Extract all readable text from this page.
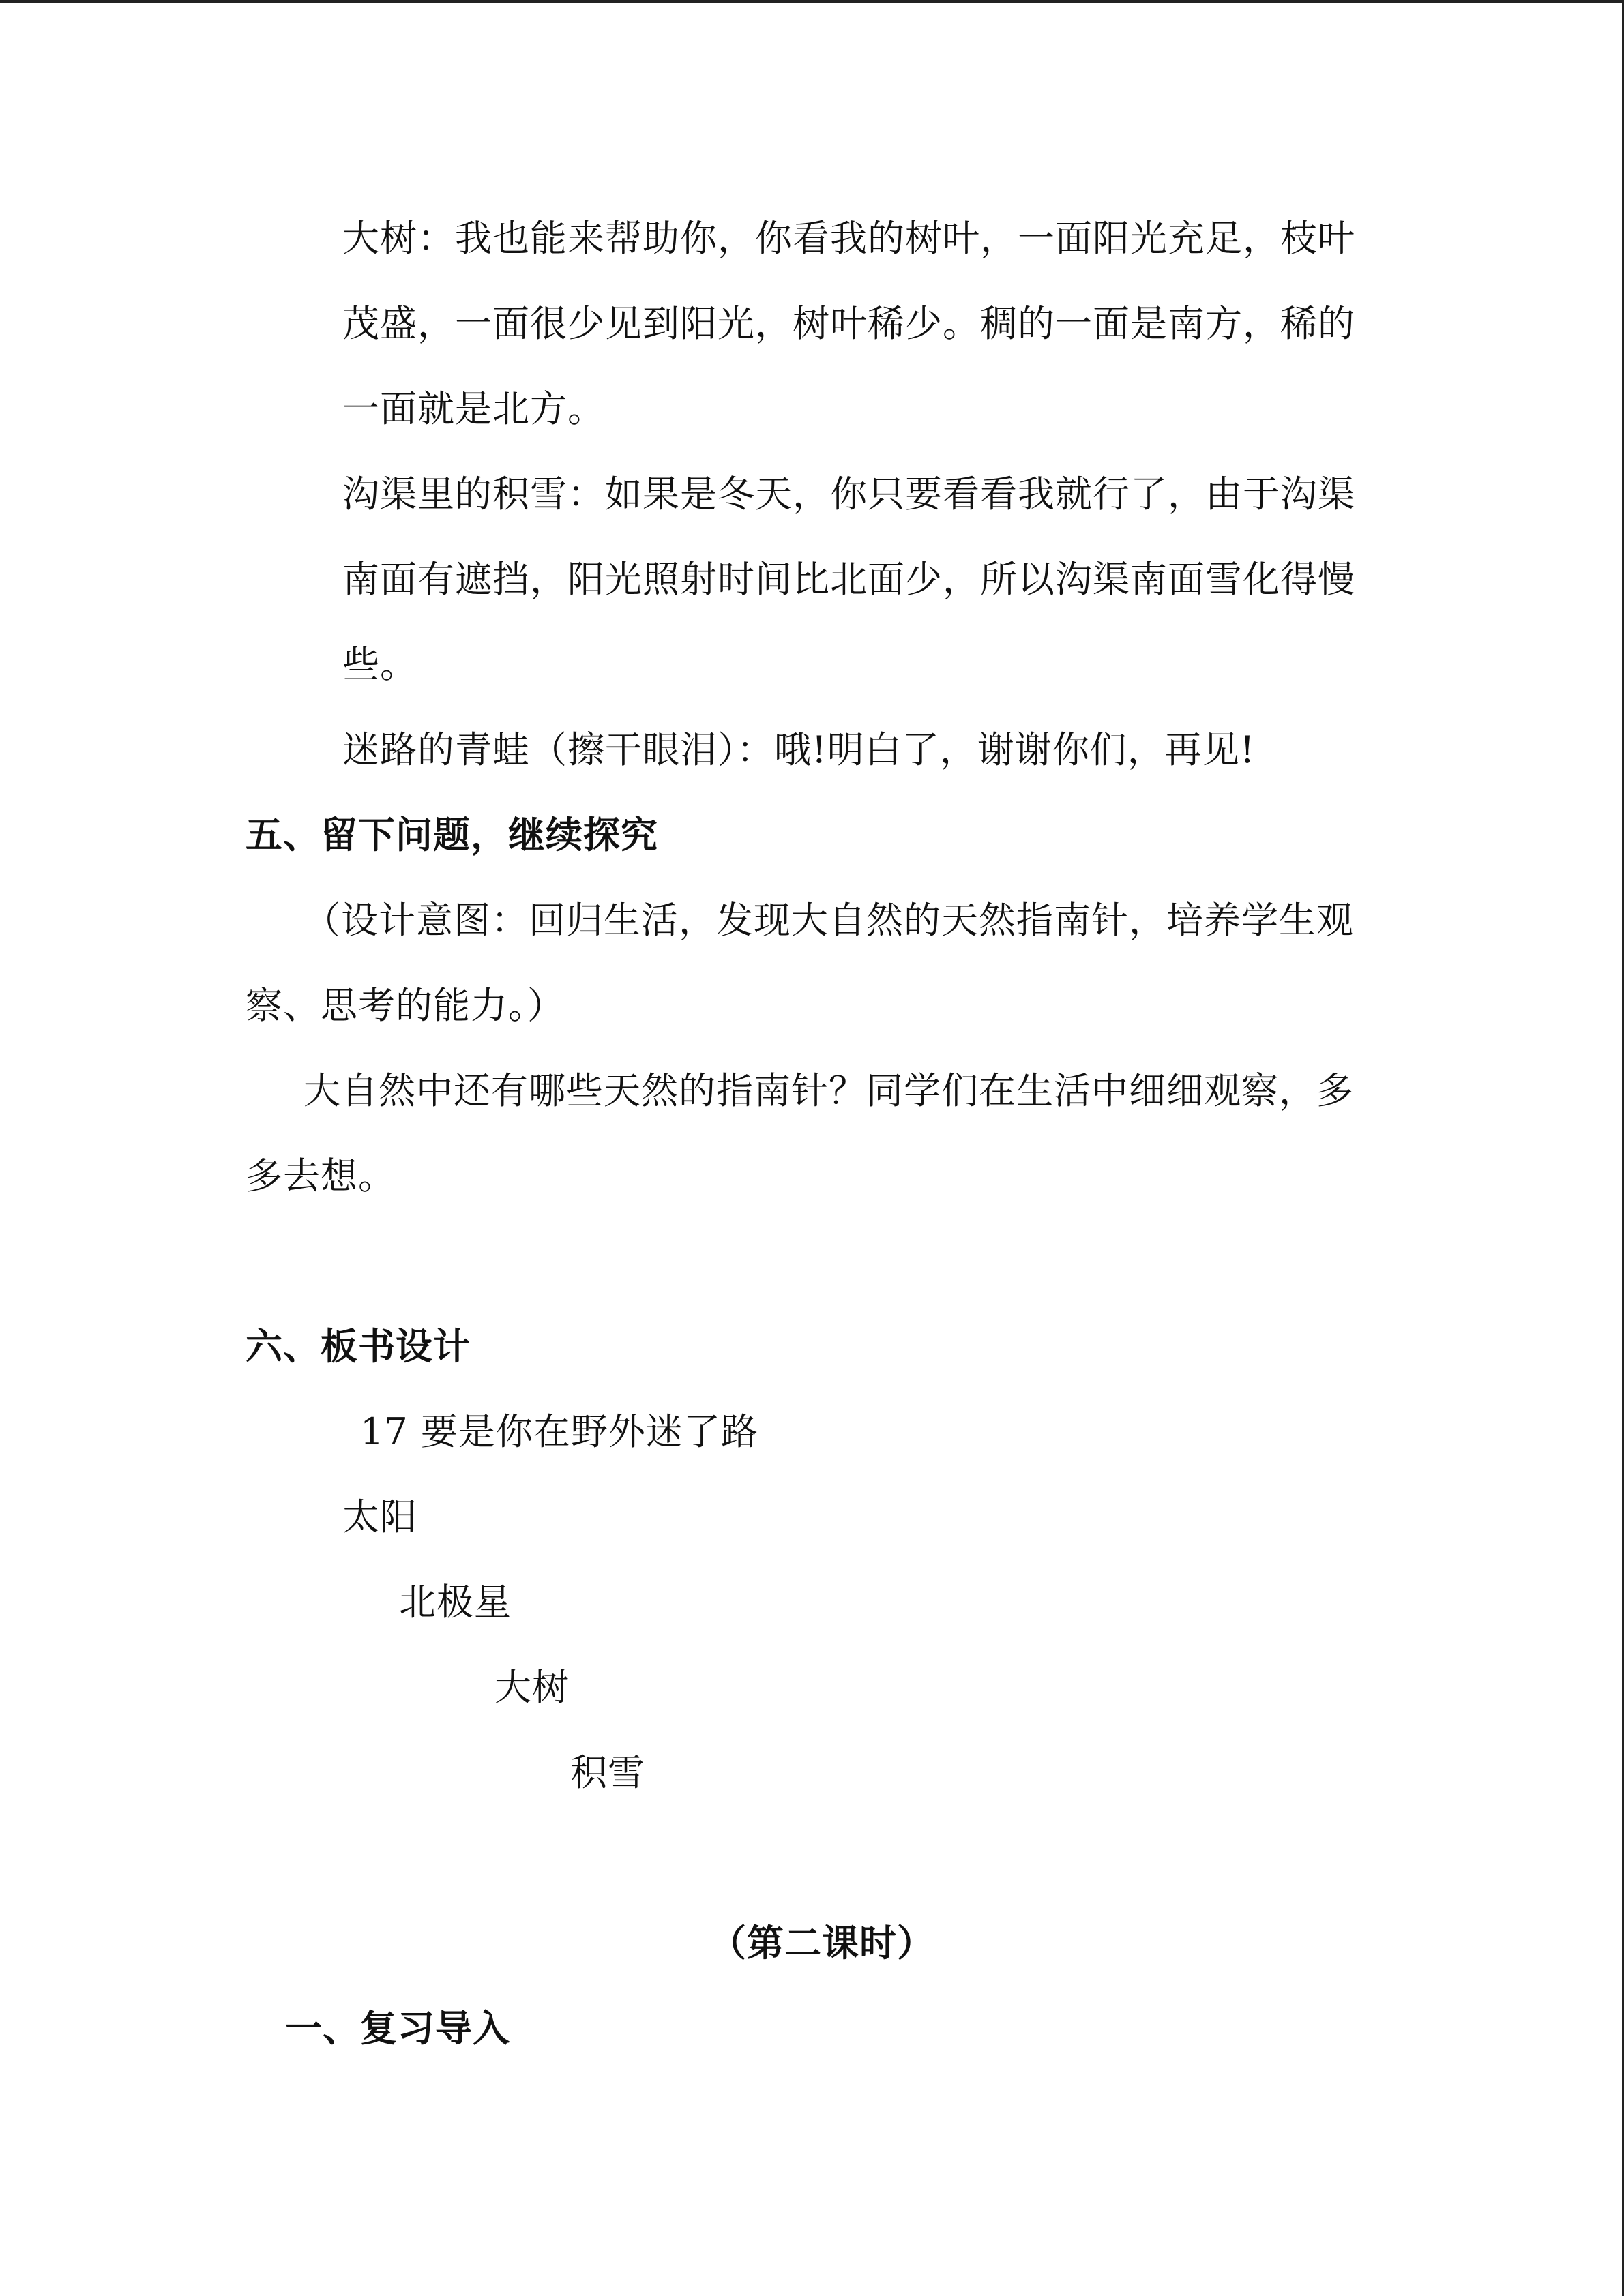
大树：我也能来帮助你，你看我的树叶，一面阳光充足，枝叶
茂盛，一面很少见到阳光，树叶稀少。稠的一面是南方，稀的
一面就是北方。
沟渠里的积雪：如果是冬天，你只要看看我就行了，由于沟渠
南面有遮挡，阳光照射时间比北面少，所以沟渠南面雪化得慢
些。
迷路的青蛙（擦干眼泪）：哦!明白了，谢谢你们，再见!
五、留下问题，继续探究
（设计意图：回归生活，发现大自然的天然指南针，培养学生观
察、思考的能力。）
大自然中还有哪些天然的指南针？同学们在生活中细细观察，多
多去想。
六、板书设计
17 要是你在野外迷了路
太阳
北极星
大树
积雪
（第二课时）
一、复习导入
